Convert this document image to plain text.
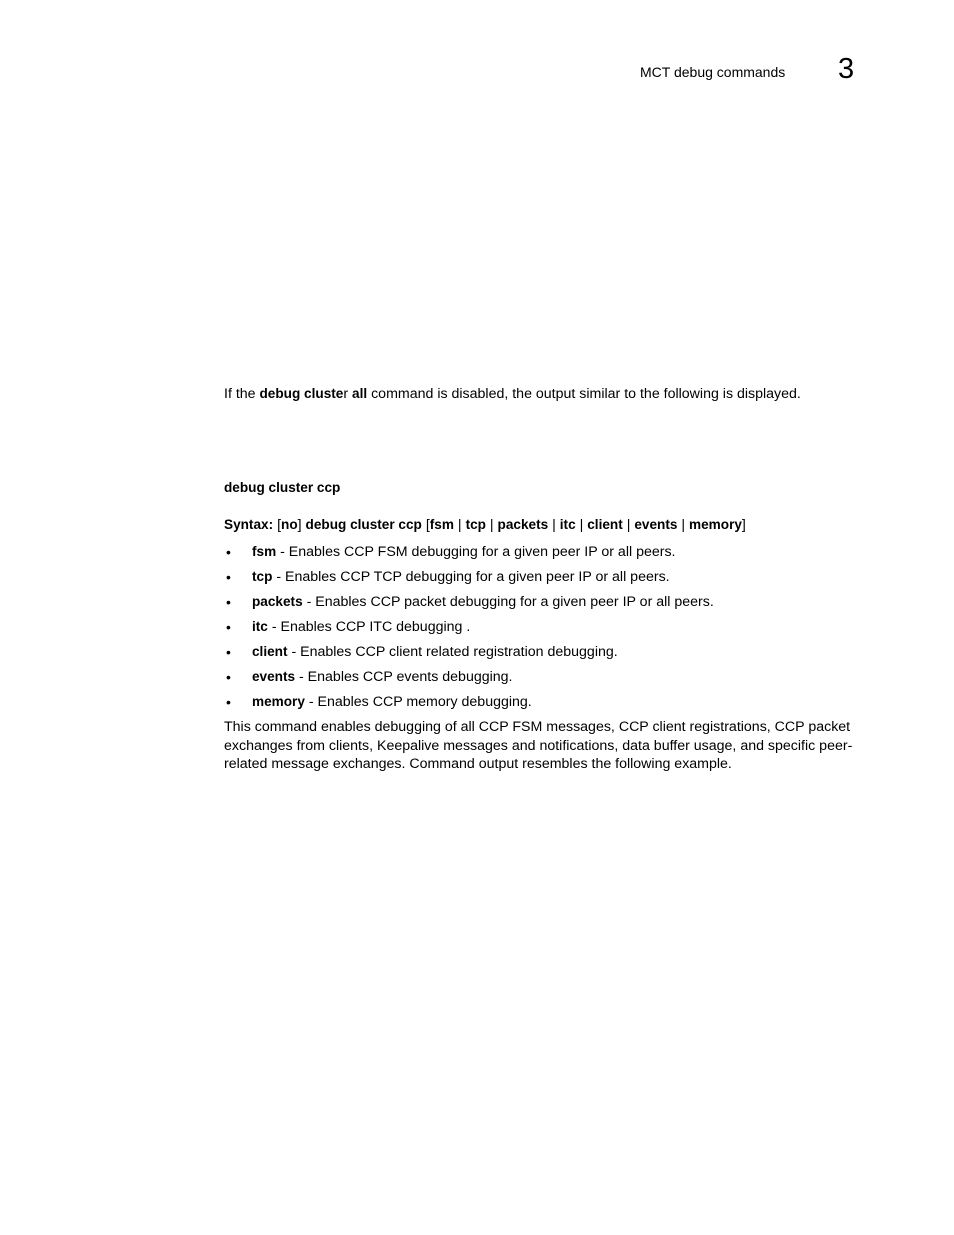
MCT debug commands 3
If the debug cluster all command is disabled, the output similar to the following is displayed.
debug cluster ccp
Syntax: [no] debug cluster ccp [fsm | tcp | packets | itc | client | events | memory]
• fsm - Enables CCP FSM debugging for a given peer IP or all peers.
• tcp - Enables CCP TCP debugging for a given peer IP or all peers.
• packets - Enables CCP packet debugging for a given peer IP or all peers.
• itc - Enables CCP ITC debugging .
• client - Enables CCP client related registration debugging.
• events - Enables CCP events debugging.
• memory - Enables CCP memory debugging.
This command enables debugging of all CCP FSM messages, CCP client registrations, CCP packet exchanges from clients, Keepalive messages and notifications, data buffer usage, and specific peer-related message exchanges. Command output resembles the following example.
